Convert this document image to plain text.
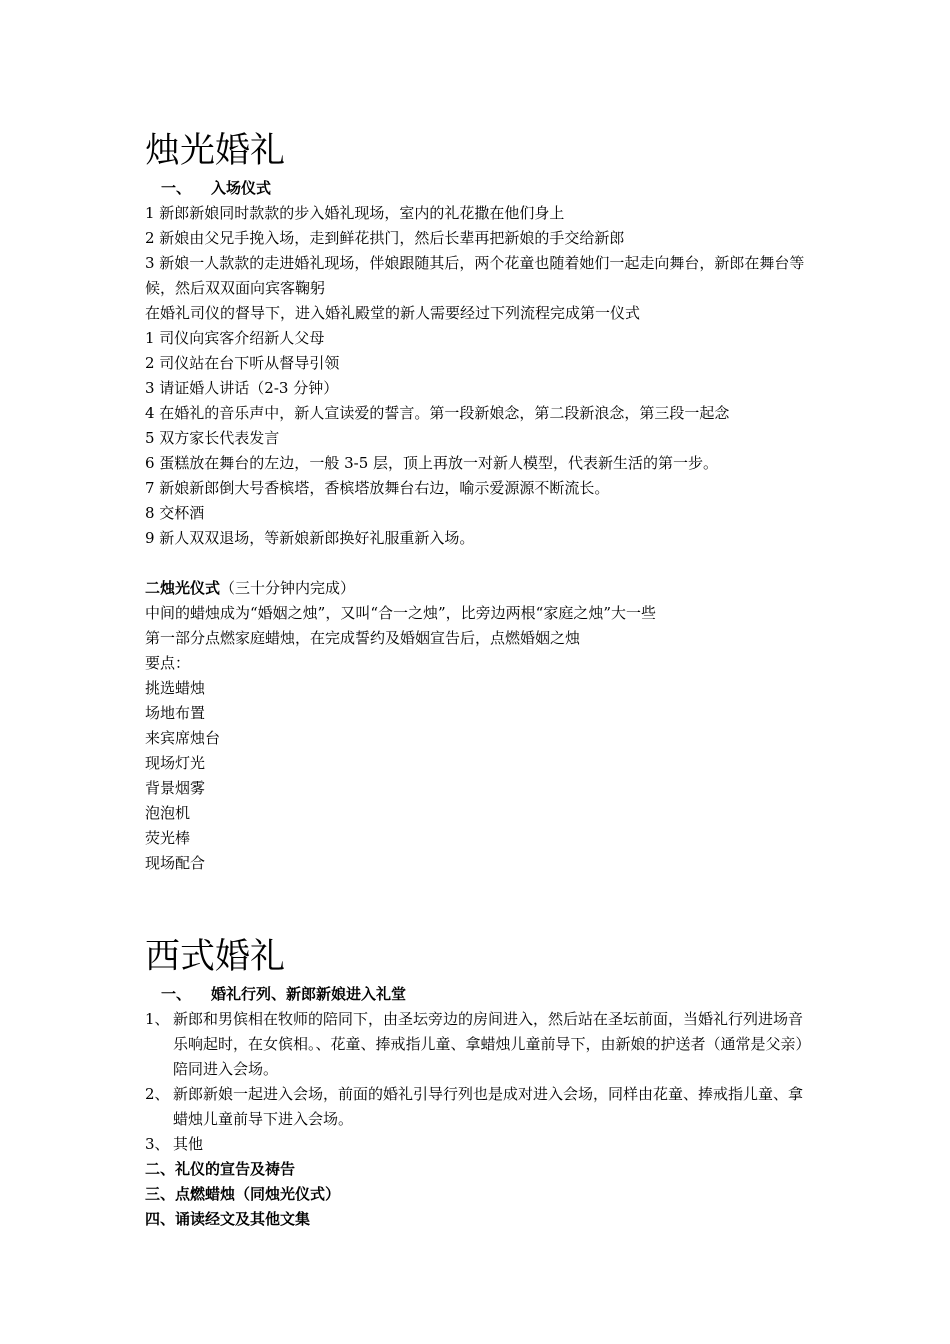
烛光婚礼
一、	入场仪式

1 新郎新娘同时款款的步入婚礼现场，室内的礼花撒在他们身上

2 新娘由父兄手挽入场，走到鲜花拱门，然后长辈再把新娘的手交给新郎

3 新娘一人款款的走进婚礼现场，伴娘跟随其后，两个花童也随着她们一起走向舞台，新郎在舞台等候，然后双双面向宾客鞠躬

在婚礼司仪的督导下，进入婚礼殿堂的新人需要经过下列流程完成第一仪式

1 司仪向宾客介绍新人父母

2 司仪站在台下听从督导引领

3 请证婚人讲话（2-3 分钟）

4 在婚礼的音乐声中，新人宣读爱的誓言。第一段新娘念，第二段新浪念，第三段一起念

5 双方家长代表发言

6 蛋糕放在舞台的左边，一般 3-5 层，顶上再放一对新人模型，代表新生活的第一步。

7 新娘新郎倒大号香槟塔，香槟塔放舞台右边，喻示爱源源不断流长。

8 交杯酒

9 新人双双退场，等新娘新郎换好礼服重新入场。

二烛光仪式（三十分钟内完成）

中间的蜡烛成为“婚姻之烛”，又叫“合一之烛”，比旁边两根“家庭之烛”大一些

第一部分点燃家庭蜡烛，在完成誓约及婚姻宣告后，点燃婚姻之烛

要点：

挑选蜡烛

场地布置

来宾席烛台

现场灯光

背景烟雾

泡泡机

荧光棒

现场配合

西式婚礼
一、	婚礼行列、新郎新娘进入礼堂
1、 新郎和男傧相在牧师的陪同下，由圣坛旁边的房间进入，然后站在圣坛前面，当婚礼行列进场音乐响起时，在女傧相。、花童、捧戒指儿童、拿蜡烛儿童前导下，由新娘的护送者（通常是父亲）陪同进入会场。
2、 新郎新娘一起进入会场，前面的婚礼引导行列也是成对进入会场，同样由花童、捧戒指儿童、拿蜡烛儿童前导下进入会场。
3、 其他

二、礼仪的宣告及祷告

三、点燃蜡烛（同烛光仪式）

四、诵读经文及其他文集
